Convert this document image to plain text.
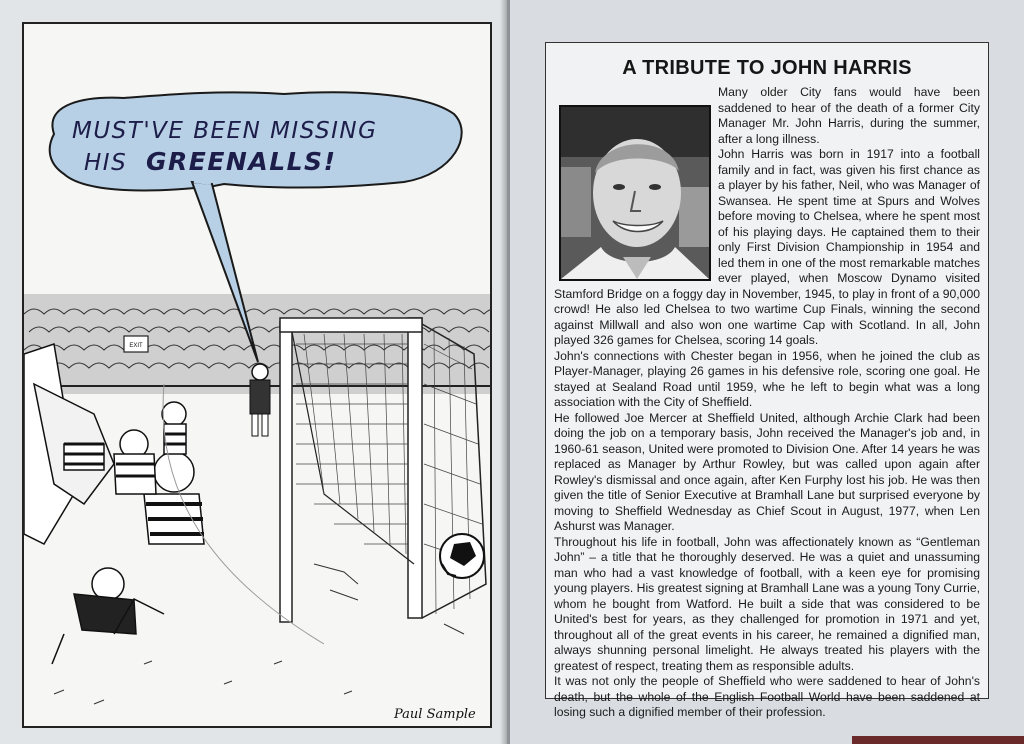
EXIT
MUST'VE BEEN MISSING
HIS GREENALLS!
Paul Sample
A TRIBUTE TO JOHN HARRIS

Many older City fans would have been saddened to hear of the death of a former City Manager Mr. John Harris, during the summer, after a long illness.

John Harris was born in 1917 into a football family and in fact, was given his first chance as a player by his father, Neil, who was Manager of Swansea. He spent time at Spurs and Wolves before moving to Chelsea, where he spent most of his playing days. He captained them to their only First Division Championship in 1954 and led them in one of the most remarkable matches ever played, when Moscow Dynamo visited Stamford Bridge on a foggy day in November, 1945, to play in front of a 90,000 crowd! He also led Chelsea to two wartime Cup Finals, winning the second against Millwall and also won one wartime Cap with Scotland. In all, John played 326 games for Chelsea, scoring 14 goals.

John's connections with Chester began in 1956, when he joined the club as Player-Manager, playing 26 games in his defensive role, scoring one goal. He stayed at Sealand Road until 1959, whe he left to begin what was a long association with the City of Sheffield.

He followed Joe Mercer at Sheffield United, although Archie Clark had been doing the job on a temporary basis, John received the Manager's job and, in 1960-61 season, United were promoted to Division One. After 14 years he was replaced as Manager by Arthur Rowley, but was called upon again after Rowley's dismissal and once again, after Ken Furphy lost his job. He was then given the title of Senior Executive at Bramhall Lane but surprised everyone by moving to Sheffield Wednesday as Chief Scout in August, 1977, when Len Ashurst was Manager.

Throughout his life in football, John was affectionately known as “Gentleman John” – a title that he thoroughly deserved. He was a quiet and unassuming man who had a vast knowledge of football, with a keen eye for promising young players. His greatest signing at Bramhall Lane was a young Tony Currie, whom he bought from Watford. He built a side that was considered to be United's best for years, as they challenged for promotion in 1971 and yet, throughout all of the great events in his career, he remained a dignified man, always shunning personal limelight. He always treated his players with the greatest of respect, treating them as responsible adults.

It was not only the people of Sheffield who were saddened to hear of John's death, but the whole of the English Football World have been saddened at losing such a dignified member of their profession.
